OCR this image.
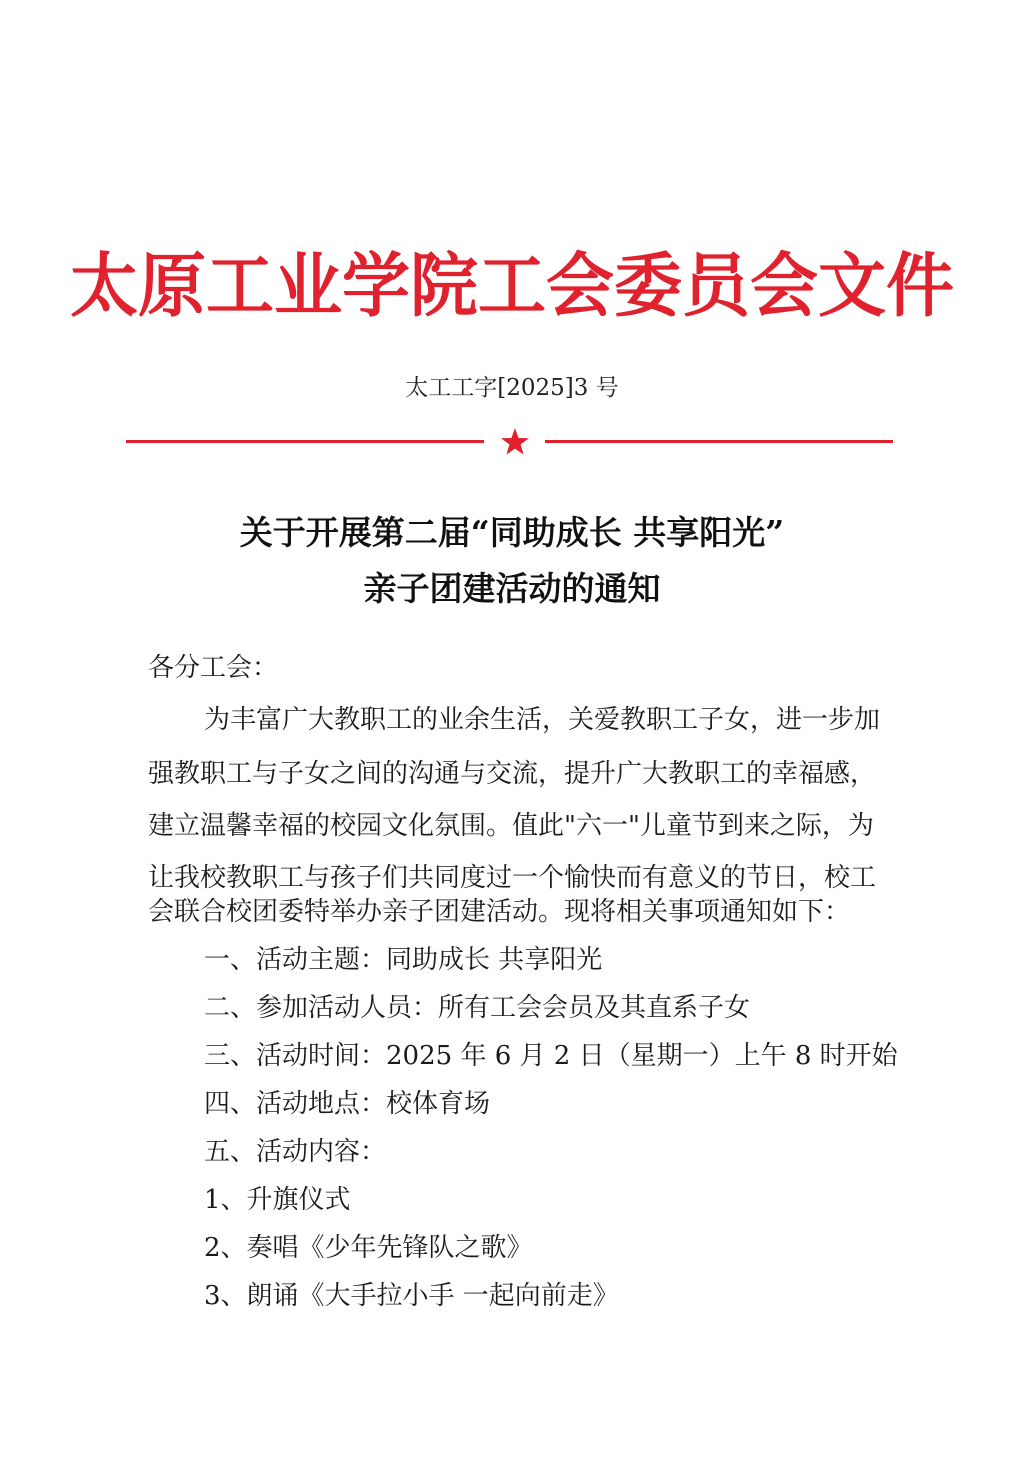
太原工业学院工会委员会文件
太工工字[2025]3 号
关于开展第二届“同助成长 共享阳光”
亲子团建活动的通知
各分工会：
为丰富广大教职工的业余生活，关爱教职工子女，进一步加
强教职工与子女之间的沟通与交流，提升广大教职工的幸福感，
建立温馨幸福的校园文化氛围。值此"六一"儿童节到来之际，为
让我校教职工与孩子们共同度过一个愉快而有意义的节日，校工
会联合校团委特举办亲子团建活动。现将相关事项通知如下：
一、活动主题：同助成长 共享阳光
二、参加活动人员：所有工会会员及其直系子女
三、活动时间：2025 年 6 月 2 日（星期一）上午 8 时开始
四、活动地点：校体育场
五、活动内容：
1、升旗仪式
2、奏唱《少年先锋队之歌》
3、朗诵《大手拉小手 一起向前走》
